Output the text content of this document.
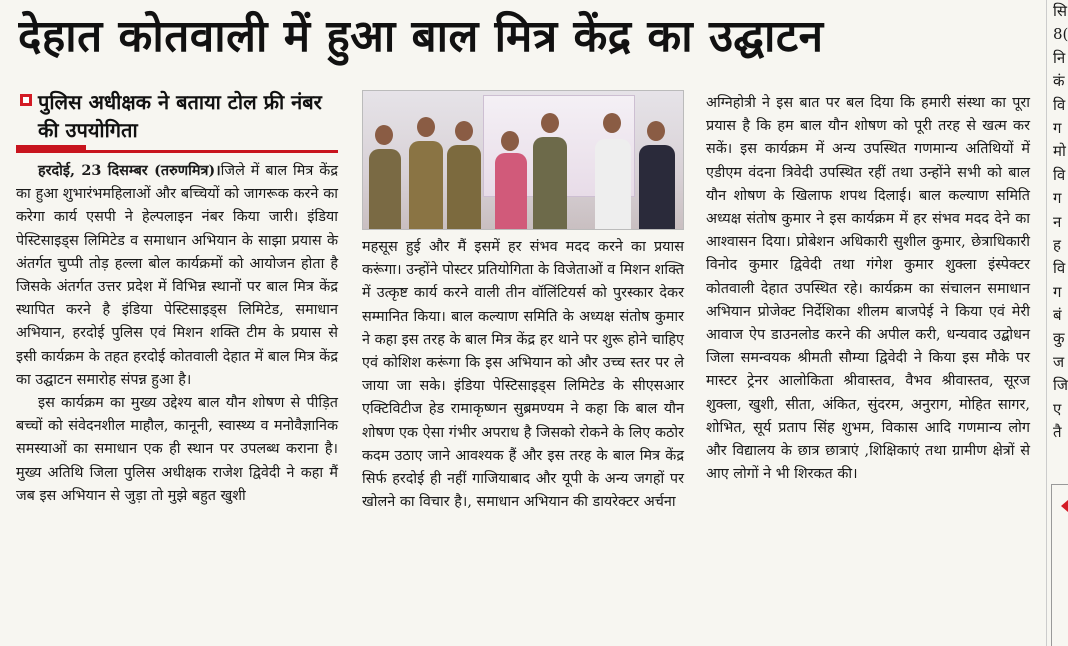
देहात कोतवाली में हुआ बाल मित्र केंद्र का उद्घाटन
पुलिस अधीक्षक ने बताया टोल फ्री नंबर की उपयोगिता

हरदोई, 23 दिसम्बर (तरुणमित्र)।जिले में बाल मित्र केंद्र का हुआ शुभारंभमहिलाओं और बच्चियों को जागरूक करने का करेगा कार्य एसपी ने हेल्पलाइन नंबर किया जारी। इंडिया पेस्टिसाइड्स लिमिटेड व समाधान अभियान के साझा प्रयास के अंतर्गत चुप्पी तोड़ हल्ला बोल कार्यक्रमों को आयोजन होता है जिसके अंतर्गत उत्तर प्रदेश में विभिन्न स्थानों पर बाल मित्र केंद्र स्थापित करने है इंडिया पेस्टिसाइड्स लिमिटेड, समाधान अभियान, हरदोई पुलिस एवं मिशन शक्ति टीम के प्रयास से इसी कार्यक्रम के तहत हरदोई कोतवाली देहात में बाल मित्र केंद्र का उद्घाटन समारोह संपन्न हुआ है।

इस कार्यक्रम का मुख्य उद्देश्य बाल यौन शोषण से पीड़ित बच्चों को संवेदनशील माहौल, कानूनी, स्वास्थ्य व मनोवैज्ञानिक समस्याओं का समाधान एक ही स्थान पर उपलब्ध कराना है। मुख्य अतिथि जिला पुलिस अधीक्षक राजेश द्विवेदी ने कहा मैं जब इस अभियान से जुड़ा तो मुझे बहुत खुशी

महसूस हुई और मैं इसमें हर संभव मदद करने का प्रयास करूंगा। उन्होंने पोस्टर प्रतियोगिता के विजेताओं व मिशन शक्ति में उत्कृष्ट कार्य करने वाली तीन वॉलिंटियर्स को पुरस्कार देकर सम्मानित किया। बाल कल्याण समिति के अध्यक्ष संतोष कुमार ने कहा इस तरह के बाल मित्र केंद्र हर थाने पर शुरू होने चाहिए एवं कोशिश करूंगा कि इस अभियान को और उच्च स्तर पर ले जाया जा सके। इंडिया पेस्टिसाइड्स लिमिटेड के सीएसआर एक्टिविटीज हेड रामाकृष्णन सुब्रमण्यम ने कहा कि बाल यौन शोषण एक ऐसा गंभीर अपराध है जिसको रोकने के लिए कठोर कदम उठाए जाने आवश्यक हैं और इस तरह के बाल मित्र केंद्र सिर्फ हरदोई ही नहीं गाजियाबाद और यूपी के अन्य जगहों पर खोलने का विचार है।, समाधान अभियान की डायरेक्टर अर्चना

अग्निहोत्री ने इस बात पर बल दिया कि हमारी संस्था का पूरा प्रयास है कि हम बाल यौन शोषण को पूरी तरह से खत्म कर सकें। इस कार्यक्रम में अन्य उपस्थित गणमान्य अतिथियों में एडीएम वंदना त्रिवेदी उपस्थित रहीं तथा उन्होंने सभी को बाल यौन शोषण के खिलाफ शपथ दिलाई। बाल कल्याण समिति अध्यक्ष संतोष कुमार ने इस कार्यक्रम में हर संभव मदद देने का आश्वासन दिया। प्रोबेशन अधिकारी सुशील कुमार, छेत्राधिकारी विनोद कुमार द्विवेदी तथा गंगेश कुमार शुक्ला इंस्पेक्टर कोतवाली देहात उपस्थित रहे। कार्यक्रम का संचालन समाधान अभियान प्रोजेक्ट निर्देशिका शीलम बाजपेई ने किया एवं मेरी आवाज ऐप डाउनलोड करने की अपील करी, धन्यवाद उद्बोधन जिला समन्वयक श्रीमती सौम्या द्विवेदी ने किया इस मौके पर मास्टर ट्रेनर आलोकिता श्रीवास्तव, वैभव श्रीवास्तव, सूरज शुक्ला, खुशी, सीता, अंकित, सुंदरम, अनुराग, मोहित सागर, शोभित, सूर्य प्रताप सिंह शुभम, विकास आदि गणमान्य लोग और विद्यालय के छात्र छात्राएं ,शिक्षिकाएं तथा ग्रामीण क्षेत्रों से आए लोगों ने भी शिरकत की।

सि
8(
नि
कं
वि
ग
मो
वि
ग
न
ह
वि
ग
बं
कु
ज
जि
ए
तै
